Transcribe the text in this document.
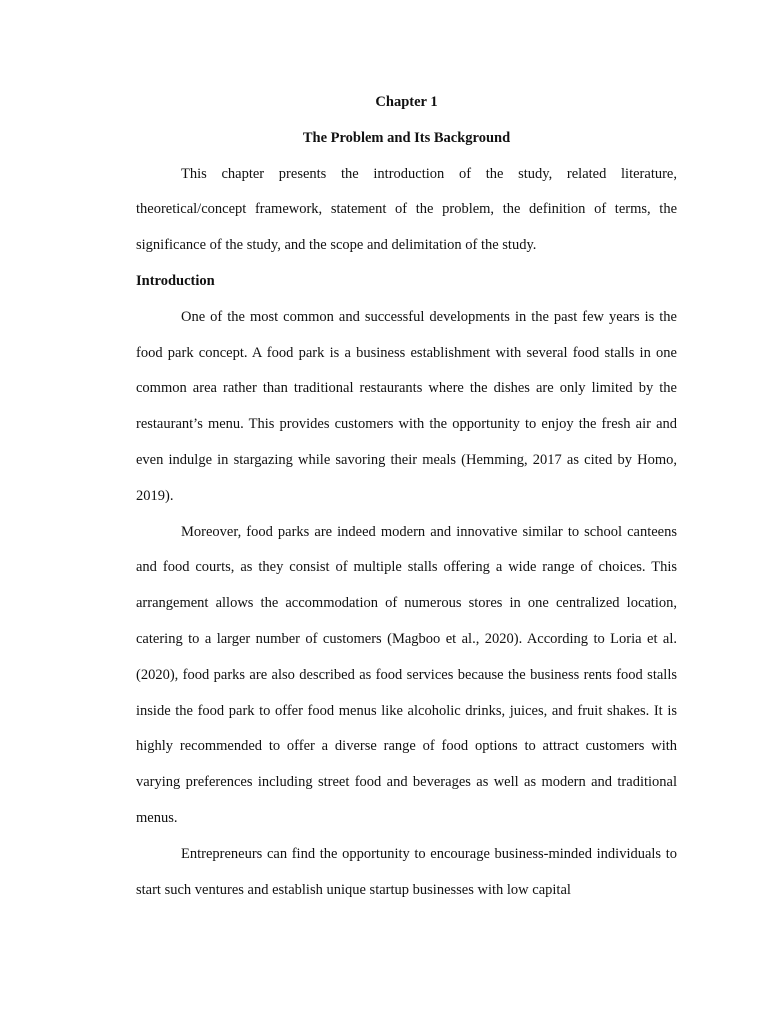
Chapter 1

The Problem and Its Background

This chapter presents the introduction of the study, related literature, theoretical/concept framework, statement of the problem, the definition of terms, the significance of the study, and the scope and delimitation of the study.

Introduction

One of the most common and successful developments in the past few years is the food park concept. A food park is a business establishment with several food stalls in one common area rather than traditional restaurants where the dishes are only limited by the restaurant’s menu. This provides customers with the opportunity to enjoy the fresh air and even indulge in stargazing while savoring their meals (Hemming, 2017 as cited by Homo, 2019).

Moreover, food parks are indeed modern and innovative similar to school canteens and food courts, as they consist of multiple stalls offering a wide range of choices. This arrangement allows the accommodation of numerous stores in one centralized location, catering to a larger number of customers (Magboo et al., 2020). According to Loria et al. (2020), food parks are also described as food services because the business rents food stalls inside the food park to offer food menus like alcoholic drinks, juices, and fruit shakes. It is highly recommended to offer a diverse range of food options to attract customers with varying preferences including street food and beverages as well as modern and traditional menus.

Entrepreneurs can find the opportunity to encourage business-minded individuals to start such ventures and establish unique startup businesses with low capital
